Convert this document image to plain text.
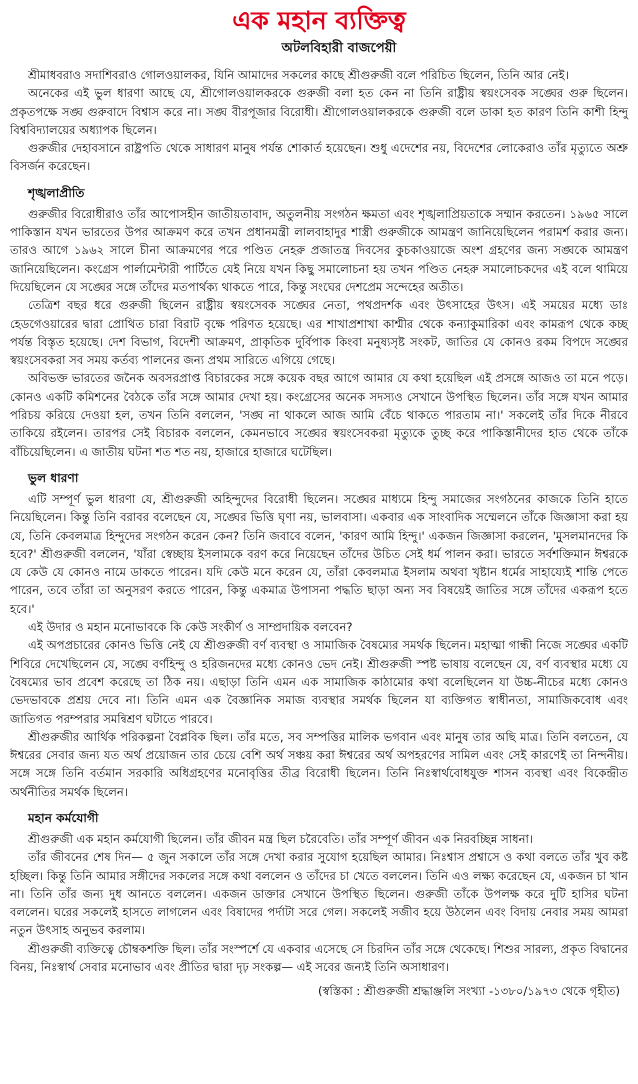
এক মহান ব্যক্তিত্ব
অটলবিহারী বাজপেয়ী

শ্রীমাধবরাও সদাশিবরাও গোলওয়ালকর, যিনি আমাদের সকলের কাছে শ্রীগুরুজী বলে পরিচিত ছিলেন, তিনি আর নেই।

অনেকের এই ভুল ধারণা আছে যে, শ্রীগোলওয়ালকরকে গুরুজী বলা হত কেন না তিনি রাষ্ট্রীয় স্বয়ংসেবক সঙ্ঘের গুরু ছিলেন। প্রকৃতপক্ষে সঙ্ঘ গুরুবাদে বিশ্বাস করে না। সঙ্ঘ বীরপূজার বিরোধী। শ্রীগোলওয়ালকরকে গুরুজী বলে ডাকা হত কারণ তিনি কাশী হিন্দু বিশ্ববিদ্যালয়ের অধ্যাপক ছিলেন।

গুরুজীর দেহাবসানে রাষ্ট্রপতি থেকে সাধারণ মানুষ পর্যন্ত শোকার্ত হয়েছেন। শুধু এদেশের নয়, বিদেশের লোকেরাও তাঁর মৃত্যুতে অশ্রু বিসর্জন করেছেন।

শৃঙ্খলাপ্রীতি

গুরুজীর বিরোধীরাও তাঁর আপোসহীন জাতীয়তাবাদ, অতুলনীয় সংগঠন ক্ষমতা এবং শৃঙ্খলাপ্রিয়তাকে সম্মান করতেন। ১৯৬৫ সালে পাকিস্তান যখন ভারতের উপর আক্রমণ করে তখন প্রধানমন্ত্রী লালবাহাদুর শাস্ত্রী গুরুজীকে আমন্ত্রণ জানিয়েছিলেন পরামর্শ করার জন্য। তারও আগে ১৯৬২ সালে চীনা আক্রমণের পরে পণ্ডিত নেহরু প্রজাতন্ত্র দিবসের কুচকাওয়াজে অংশ গ্রহণের জন্য সঙ্ঘকে আমন্ত্রণ জানিয়েছিলেন। কংগ্রেস পার্লামেন্টারী পার্টিতে যেই নিয়ে যখন কিছু সমালোচনা হয় তখন পণ্ডিত নেহরু সমালোচকদের এই বলে থামিয়ে দিয়েছিলেন যে সঙ্ঘের সঙ্গে তাঁদের মতপার্থক্য থাকতে পারে, কিন্তু সংঘের দেশপ্রেম সন্দেহের অতীত।

তেত্রিশ বছর ধরে গুরুজী ছিলেন রাষ্ট্রীয় স্বয়ংসেবক সঙ্ঘের নেতা, পথপ্রদর্শক এবং উৎসাহের উৎস। এই সময়ের মধ্যে ডাঃ হেডগেওয়ারের দ্বারা প্রোথিত চারা বিরাট বৃক্ষে পরিণত হয়েছে। এর শাখাপ্রশাখা কাশ্মীর থেকে কন্যাকুমারিকা এবং কামরূপ থেকে কচ্ছ পর্যন্ত বিস্তৃত হয়েছে। দেশ বিভাগ, বিদেশী আক্রমণ, প্রাকৃতিক দুর্বিপাক কিংবা মনুষ্যসৃষ্ট সংকট, জাতির যে কোনও রকম বিপদে সঙ্ঘের স্বয়ংসেবকরা সব সময় কর্তব্য পালনের জন্য প্রথম সারিতে এগিয়ে গেছে।

অবিভক্ত ভারতের জনৈক অবসরপ্রাপ্ত বিচারকের সঙ্গে কয়েক বছর আগে আমার যে কথা হয়েছিল এই প্রসঙ্গে আজও তা মনে পড়ে। কোনও একটি কমিশনের বৈঠকে তাঁর সঙ্গে আমার দেখা হয়। কংগ্রেসের অনেক সদস্যও সেখানে উপস্থিত ছিলেন। তাঁর সঙ্গে যখন আমার পরিচয় করিয়ে দেওয়া হল, তখন তিনি বললেন, 'সঙ্ঘ না থাকলে আজ আমি বেঁচে থাকতে পারতাম না।' সকলেই তাঁর দিকে নীরবে তাকিয়ে রইলেন। তারপর সেই বিচারক বললেন, কেমনভাবে সঙ্ঘের স্বয়ংসেবকরা মৃত্যুকে তুচ্ছ করে পাকিস্তানীদের হাত থেকে তাঁকে বাঁচিয়েছিলেন। এ জাতীয় ঘটনা শত শত নয়, হাজারে হাজারে ঘটেছিল।

ভুল ধারণা

এটি সম্পূর্ণ ভুল ধারণা যে, শ্রীগুরুজী অহিন্দুদের বিরোধী ছিলেন। সঙ্ঘের মাধ্যমে হিন্দু সমাজের সংগঠনের কাজকে তিনি হাতে নিয়েছিলেন। কিন্তু তিনি বরাবর বলেছেন যে, সঙ্ঘের ভিত্তি ঘৃণা নয়, ভালবাসা। একবার এক সাংবাদিক সম্মেলনে তাঁকে জিজ্ঞাসা করা হয় যে, তিনি কেবলমাত্র হিন্দুদের সংগঠন করেন কেন? তিনি জবাবে বলেন, 'কারণ আমি হিন্দু।' একজন জিজ্ঞাসা করলেন, 'মুসলমানদের কি হবে?' শ্রীগুরুজী বললেন, 'যাঁরা স্বেচ্ছায় ইসলামকে বরণ করে নিয়েছেন তাঁদের উচিত সেই ধর্ম পালন করা। ভারতে সর্বশক্তিমান ঈশ্বরকে যে কেউ যে কোনও নামে ডাকতে পারেন। যদি কেউ মনে করেন যে, তাঁরা কেবলমাত্র ইসলাম অথবা খৃষ্টান ধর্মের সাহায্যেই শান্তি পেতে পারেন, তবে তাঁরা তা অনুসরণ করতে পারেন, কিন্তু একমাত্র উপাসনা পদ্ধতি ছাড়া অন্য সব বিষয়েই জাতির সঙ্গে তাঁদের একরূপ হতে হবে।'

এই উদার ও মহান মনোভাবকে কি কেউ সংকীর্ণ ও সাম্প্রদায়িক বলবেন?

এই অপপ্রচারের কোনও ভিত্তি নেই যে শ্রীগুরুজী বর্ণ ব্যবস্থা ও সামাজিক বৈষম্যের সমর্থক ছিলেন। মহাত্মা গান্ধী নিজে সঙ্ঘের একটি শিবিরে দেখেছিলেন যে, সঙ্ঘে বর্ণহিন্দু ও হরিজনদের মধ্যে কোনও ভেদ নেই। শ্রীগুরুজী স্পষ্ট ভাষায় বলেছেন যে, বর্ণ ব্যবস্থার মধ্যে যে বৈষম্যের ভাব প্রবেশ করেছে তা ঠিক নয়। এছাড়া তিনি এমন এক সামাজিক কাঠামোর কথা বলেছিলেন যা উচ্চ-নীচের মধ্যে কোনও ভেদভাবকে প্রশ্রয় দেবে না। তিনি এমন এক বৈজ্ঞানিক সমাজ ব্যবস্থার সমর্থক ছিলেন যা ব্যক্তিগত স্বাধীনতা, সামাজিকবোধ এবং জাতিগত পরম্পরার সমন্বিশ্রণ ঘটাতে পারবে।

শ্রীগুরুজীর আর্থিক পরিকল্পনা বৈপ্লবিক ছিল। তাঁর মতে, সব সম্পত্তির মালিক ভগবান এবং মানুষ তার অছি মাত্র। তিনি বলতেন, যে ঈশ্বরের সেবার জন্য যত অর্থ প্রয়োজন তার চেয়ে বেশি অর্থ সঞ্চয় করা ঈশ্বরের অর্থ অপহরণের সামিল এবং সেই কারণেই তা নিন্দনীয়। সঙ্গে সঙ্গে তিনি বর্তমান সরকারি অধিগ্রহণের মনোবৃত্তির তীব্র বিরোধী ছিলেন। তিনি নিঃস্বার্থবোধযুক্ত শাসন ব্যবস্থা এবং বিকেন্দ্রীত অর্থনীতির সমর্থক ছিলেন।

মহান কর্মযোগী

শ্রীগুরুজী এক মহান কর্মযোগী ছিলেন। তাঁর জীবন মন্ত্র ছিল চরৈবেতি। তাঁর সম্পূর্ণ জীবন এক নিরবচ্ছিন্ন সাধনা।

তাঁর জীবনের শেষ দিন— ৫ জুন সকালে তাঁর সঙ্গে দেখা করার সুযোগ হয়েছিল আমার। নিঃশ্বাস প্রশ্বাসে ও কথা বলতে তাঁর খুব কষ্ট হচ্ছিল। কিন্তু তিনি আমার সঙ্গীদের সকলের সঙ্গে কথা বললেন ও তাঁদের চা খেতে বললেন। তিনি এও লক্ষ্য করেছেন যে, একজন চা খান না। তিনি তাঁর জন্য দুধ আনতে বললেন। একজন ডাক্তার সেখানে উপস্থিত ছিলেন। গুরুজী তাঁকে উপলক্ষ করে দুটি হাসির ঘটনা বললেন। ঘরের সকলেই হাসতে লাগলেন এবং বিষাদের পর্দাটা সরে গেল। সকলেই সজীব হয়ে উঠলেন এবং বিদায় নেবার সময় আমরা নতুন উৎসাহ অনুভব করলাম।

শ্রীগুরুজী ব্যক্তিত্বে চৌম্বকশক্তি ছিল। তাঁর সংস্পর্শে যে একবার এসেছে সে চিরদিন তাঁর সঙ্গে থেকেছে। শিশুর সারল্য, প্রকৃত বিদ্বানের বিনয়, নিঃস্বার্থ সেবার মনোভাব এবং প্রীতির দ্বারা দৃঢ় সংকল্প— এই সবের জন্যই তিনি অসাধারণ।

(স্বস্তিকা : শ্রীগুরুজী শ্রদ্ধাঞ্জলি সংখ্যা -১৩৮০/১৯৭৩ থেকে গৃহীত)
